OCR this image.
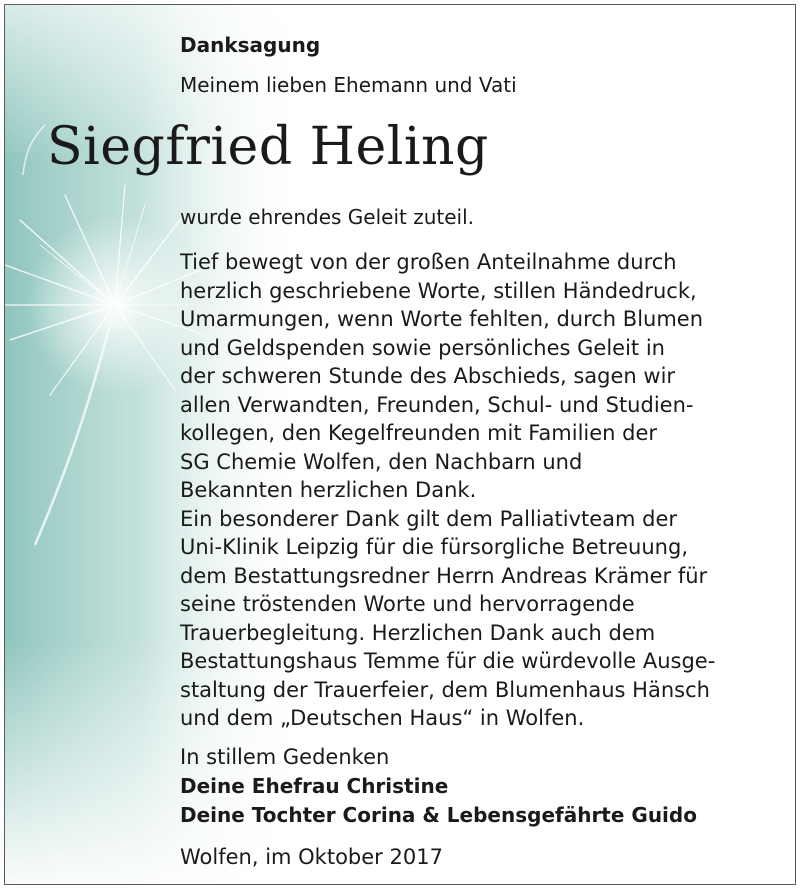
Danksagung

Meinem lieben Ehemann und Vati

Siegfried Heling

wurde ehrendes Geleit zuteil.

Tief bewegt von der großen Anteilnahme durch
herzlich geschriebene Worte, stillen Händedruck,
Umarmungen, wenn Worte fehlten, durch Blumen
und Geldspenden sowie persönliches Geleit in
der schweren Stunde des Abschieds, sagen wir
allen Verwandten, Freunden, Schul- und Studien-
kollegen, den Kegelfreunden mit Familien der
SG Chemie Wolfen, den Nachbarn und
Bekannten herzlichen Dank.
Ein besonderer Dank gilt dem Palliativteam der
Uni-Klinik Leipzig für die fürsorgliche Betreuung,
dem Bestattungsredner Herrn Andreas Krämer für
seine tröstenden Worte und hervorragende
Trauerbegleitung. Herzlichen Dank auch dem
Bestattungshaus Temme für die würdevolle Ausge-
staltung der Trauerfeier, dem Blumenhaus Hänsch
und dem „Deutschen Haus“ in Wolfen.

In stillem Gedenken

Deine Ehefrau Christine

Deine Tochter Corina & Lebensgefährte Guido

Wolfen, im Oktober 2017
